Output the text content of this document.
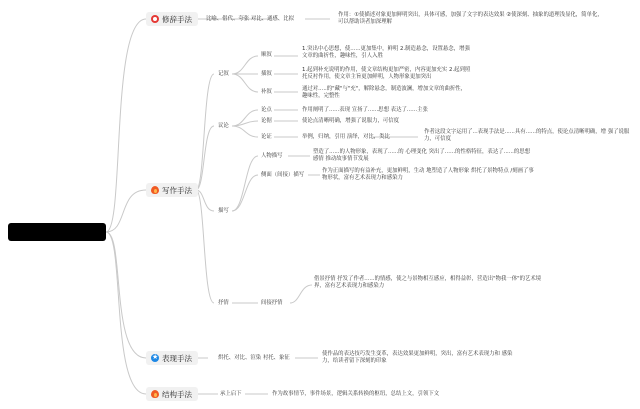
修辞手法	比喻、借代、夸张 对比、通感、比拟
作用：①使描述对象更加鲜明突出，具体可感，加强了文字的表达效果 ②使深刻、抽象的道理浅显化，简单化，可以帮助读者加深理解
写作手法
记叙
顺叙
1.突出中心思想，使......更加集中，鲜明 2.制造悬念，设置悬念，增强文章的曲折性，趣味性，引人入胜
插叙
1.起到补充说明的作用，使文章结构更加严密，内容更加充实 2.起到照托反衬作用，使文章主旨更加鲜明，人物形象更加突出
补叙	通过对.....的"藏"与"充"，解除悬念，制造波澜，增加文章的曲折性，趣味性，完整性
议论
论点	作用阐明了......表现 宣扬了......思想 表达了......主张
论据	使论点清晰明确，增强了说服力，可信度
论证	举例，归纳，引用 演绎，对比，类比
作者这段文字运用了...表现手法是......具有......的特点，使论点清晰明确，增 强了说服力，可信度
描写
人物描写
塑造了......的人物形象，表现了......的 心理变化 突出了......的性格特征，表达了......的思想感情 推动故事情节发展
侧面（间接）描写
作为正面描写的有益补充，更加鲜明，生动 地塑造了人物形象 烘托了景物特点 /刻画了事物形状，富有艺术表现力和感染力
抒情	间接抒情
借景抒情 抒发了作者......的情感，使之与景物相互感应，相得益彰，营造出"物我一体"的艺术境界，富有艺术表现力和感染力
★
表现手法	烘托、对比、渲染 衬托、象征
使作品的表达技巧发生变革，表达效果更加鲜明，突出，富有艺术表现力和 感染力，给读者留下深刻的印象
结构手法	承上启下	作为故事情节，事件场景，逻辑关系转换的枢纽，总结上文，引领下文
